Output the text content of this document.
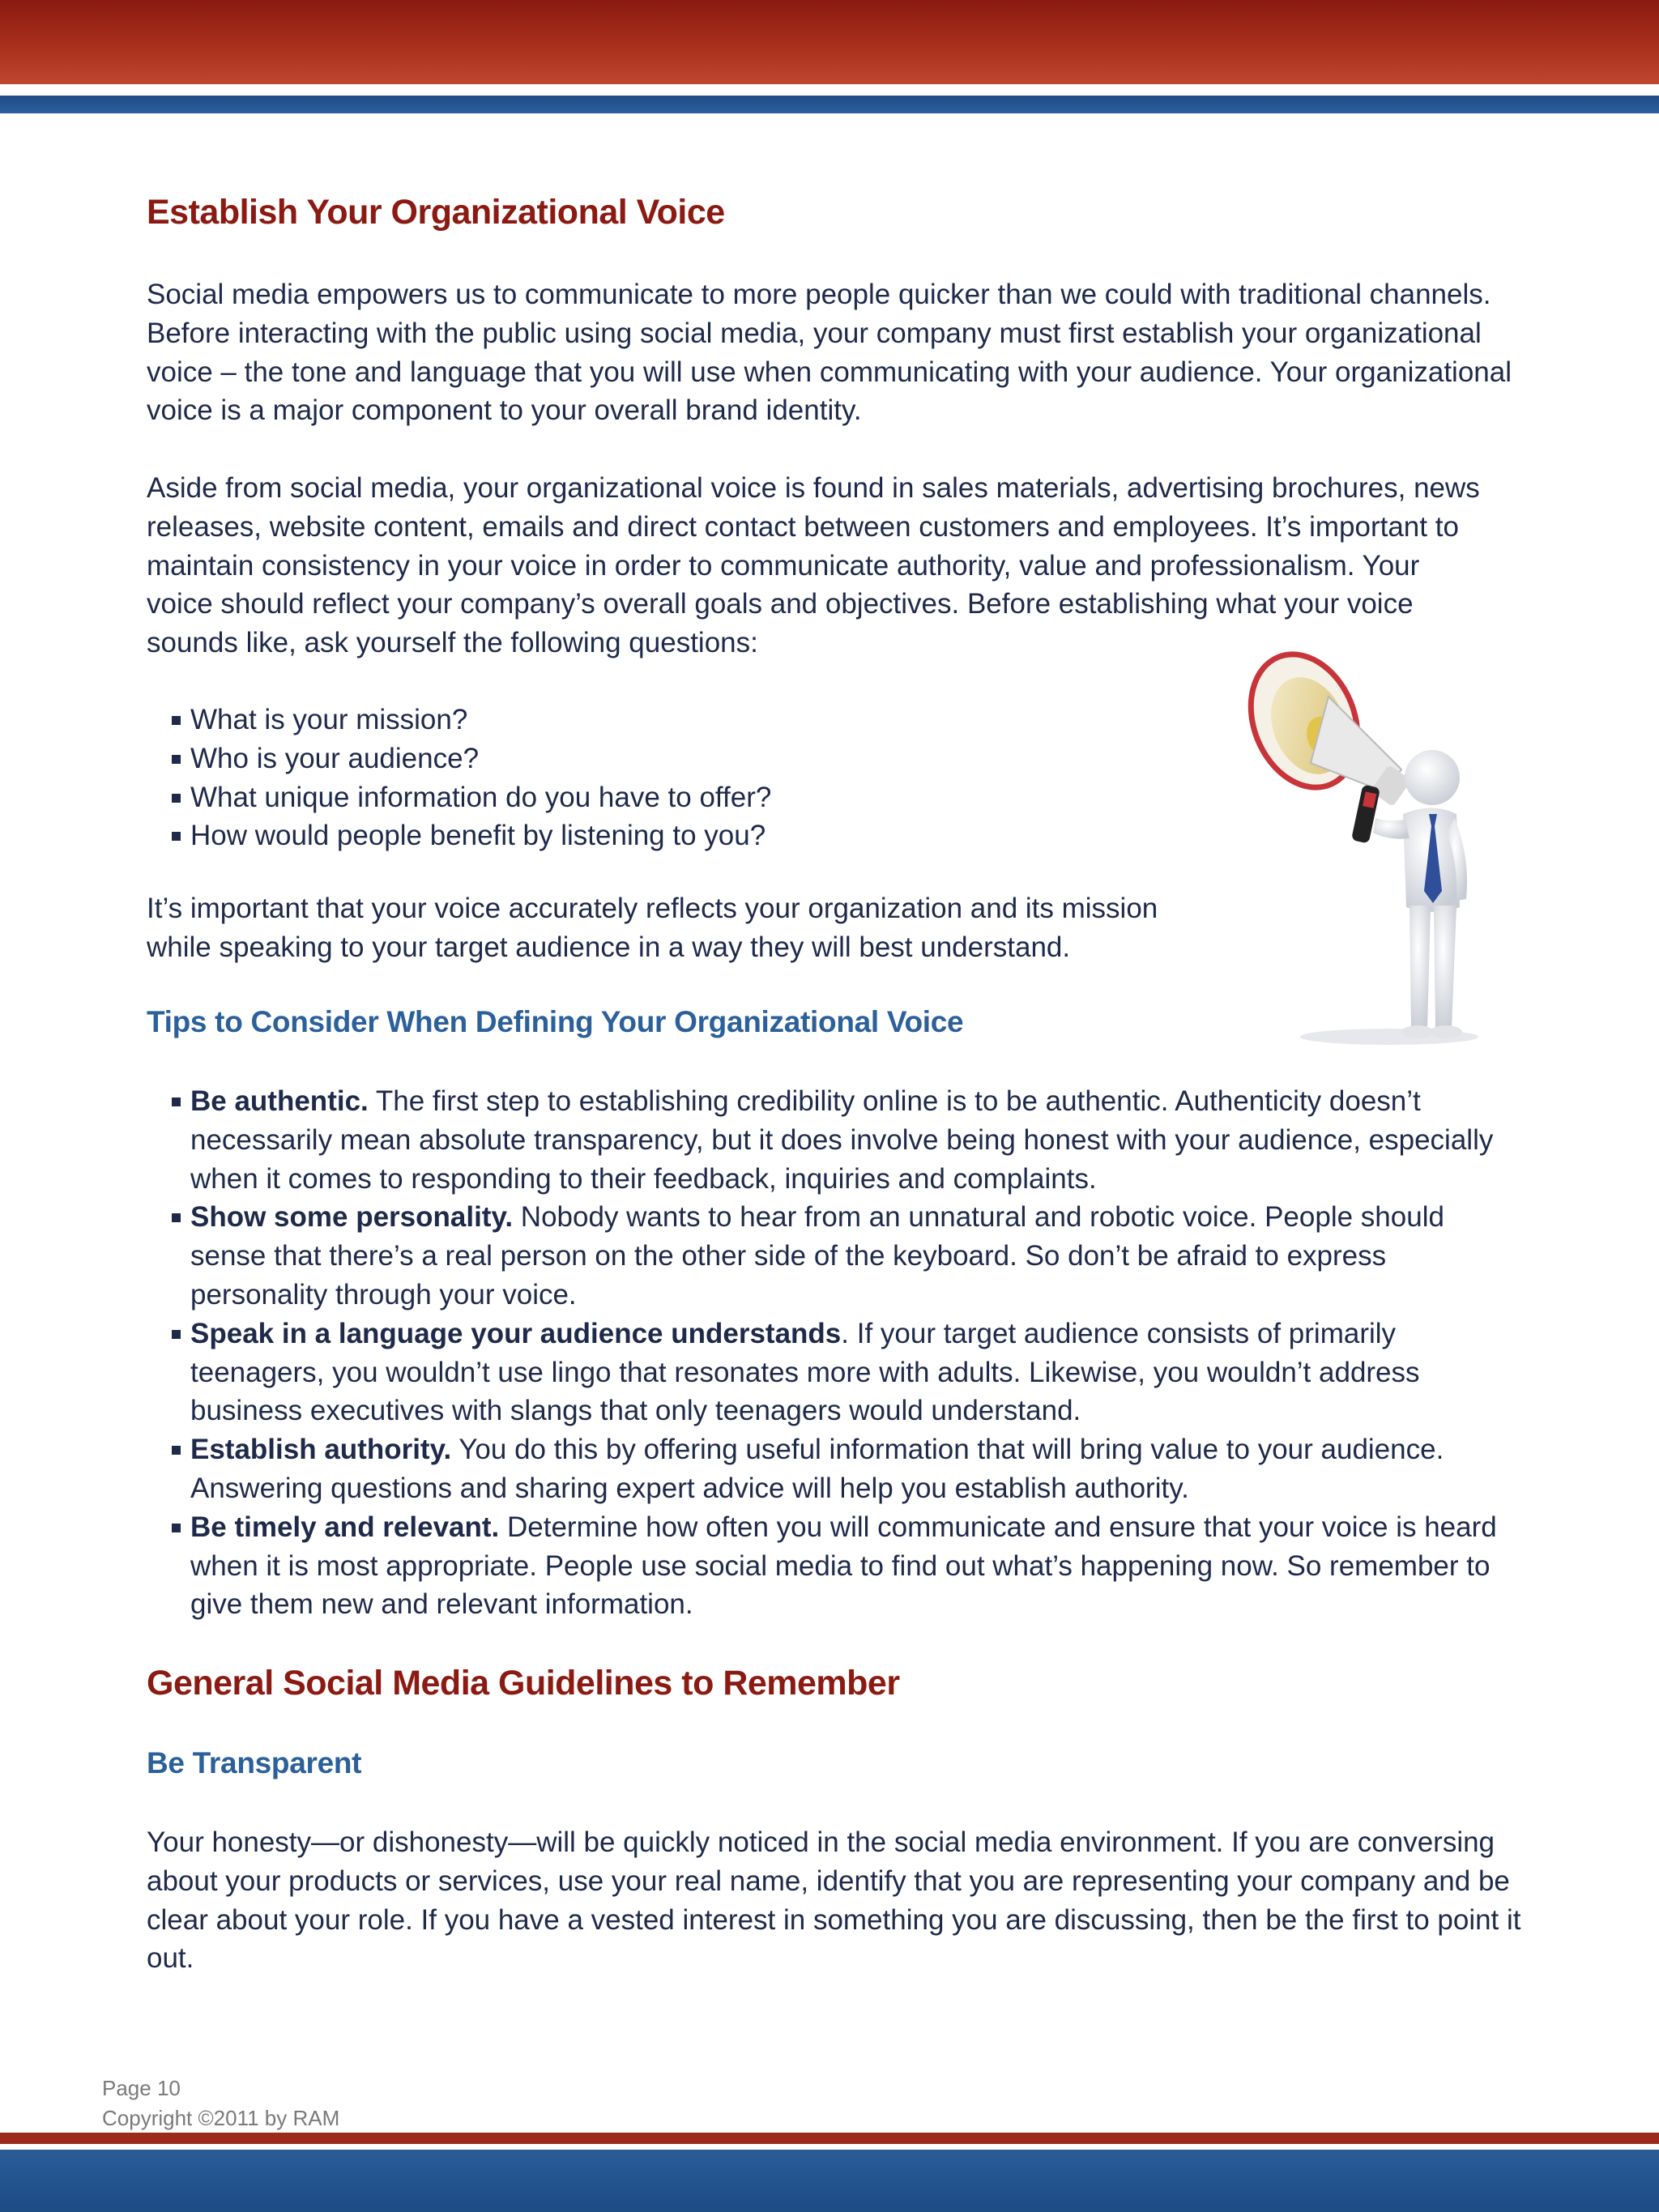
Establish Your Organizational Voice

Social media empowers us to communicate to more people quicker than we could with traditional channels. Before interacting with the public using social media, your company must first establish your organizational voice – the tone and language that you will use when communicating with your audience. Your organizational voice is a major component to your overall brand identity.

Aside from social media, your organizational voice is found in sales materials, advertising brochures, news releases, website content, emails and direct contact between customers and employees. It’s important to maintain consistency in your voice in order to communicate authority, value and professionalism. Your voice should reflect your company’s overall goals and objectives. Before establishing what your voice sounds like, ask yourself the following questions:

What is your mission?
Who is your audience?
What unique information do you have to offer?
How would people benefit by listening to you?

It’s important that your voice accurately reflects your organization and its mission while speaking to your target audience in a way they will best understand.

Tips to Consider When Defining Your Organizational Voice
Be authentic. The first step to establishing credibility online is to be authentic. Authenticity doesn’t necessarily mean absolute transparency, but it does involve being honest with your audience, especially when it comes to responding to their feedback, inquiries and complaints.
Show some personality. Nobody wants to hear from an unnatural and robotic voice. People should sense that there’s a real person on the other side of the keyboard. So don’t be afraid to express personality through your voice.
Speak in a language your audience understands. If your target audience consists of primarily teenagers, you wouldn’t use lingo that resonates more with adults. Likewise, you wouldn’t address business executives with slangs that only teenagers would understand.
Establish authority. You do this by offering useful information that will bring value to your audience. Answering questions and sharing expert advice will help you establish authority.
Be timely and relevant. Determine how often you will communicate and ensure that your voice is heard when it is most appropriate. People use social media to find out what’s happening now. So remember to give them new and relevant information.
General Social Media Guidelines to Remember
Be Transparent

Your honesty—or dishonesty—will be quickly noticed in the social media environment. If you are conversing about your products or services, use your real name, identify that you are representing your company and be clear about your role. If you have a vested interest in something you are discussing, then be the first to point it out.

Page 10
Copyright ©2011 by RAM
